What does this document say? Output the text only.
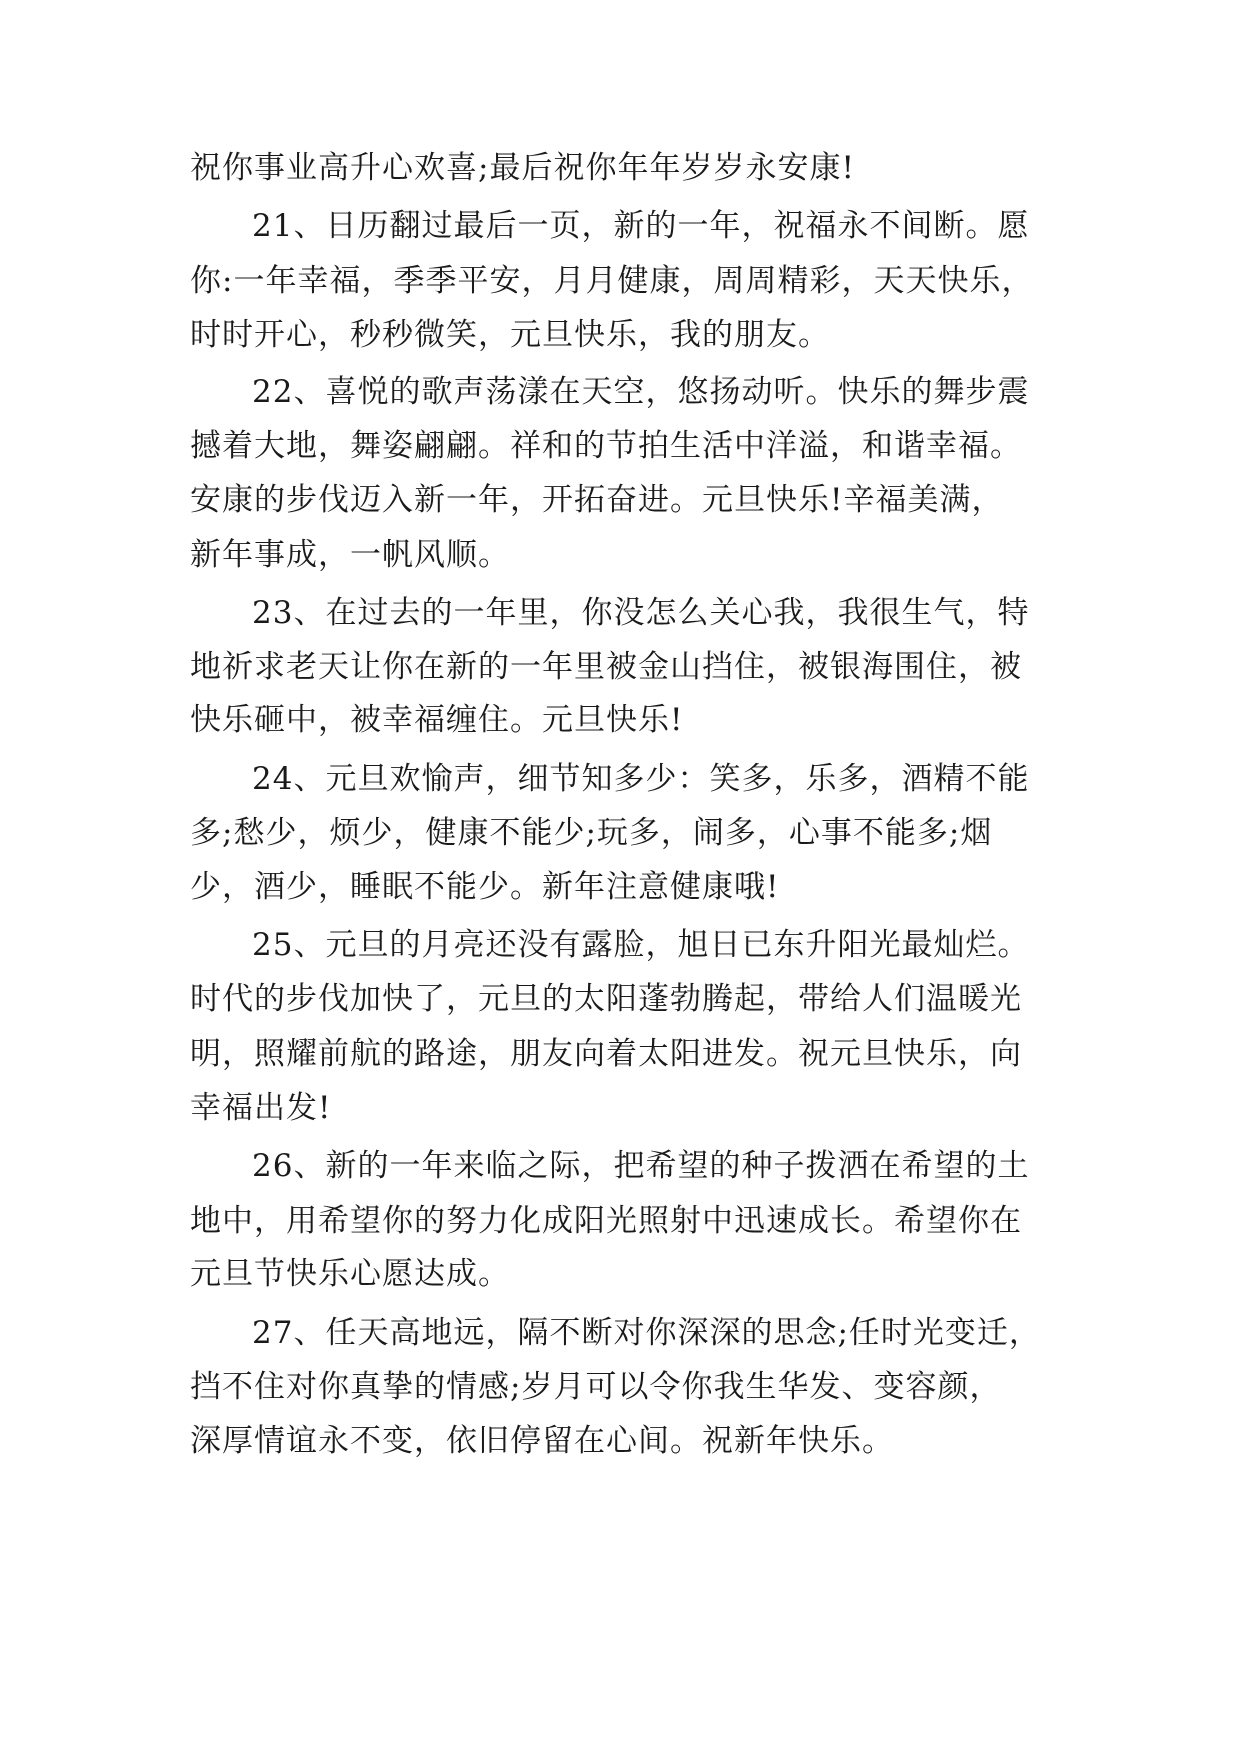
祝你事业高升心欢喜;最后祝你年年岁岁永安康!
21、日历翻过最后一页，新的一年，祝福永不间断。愿
你:一年幸福，季季平安，月月健康，周周精彩，天天快乐，
时时开心，秒秒微笑，元旦快乐，我的朋友。
22、喜悦的歌声荡漾在天空，悠扬动听。快乐的舞步震
撼着大地，舞姿翩翩。祥和的节拍生活中洋溢，和谐幸福。
安康的步伐迈入新一年，开拓奋进。元旦快乐!辛福美满，
新年事成，一帆风顺。
23、在过去的一年里，你没怎么关心我，我很生气，特
地祈求老天让你在新的一年里被金山挡住，被银海围住，被
快乐砸中，被幸福缠住。元旦快乐!
24、元旦欢愉声，细节知多少：笑多，乐多，酒精不能
多;愁少，烦少，健康不能少;玩多，闹多，心事不能多;烟
少，酒少，睡眠不能少。新年注意健康哦!
25、元旦的月亮还没有露脸，旭日已东升阳光最灿烂。
时代的步伐加快了，元旦的太阳蓬勃腾起，带给人们温暖光
明，照耀前航的路途，朋友向着太阳进发。祝元旦快乐，向
幸福出发!
26、新的一年来临之际，把希望的种子拨洒在希望的土
地中，用希望你的努力化成阳光照射中迅速成长。希望你在
元旦节快乐心愿达成。
27、任天高地远，隔不断对你深深的思念;任时光变迁，
挡不住对你真挚的情感;岁月可以令你我生华发、变容颜，
深厚情谊永不变，依旧停留在心间。祝新年快乐。
